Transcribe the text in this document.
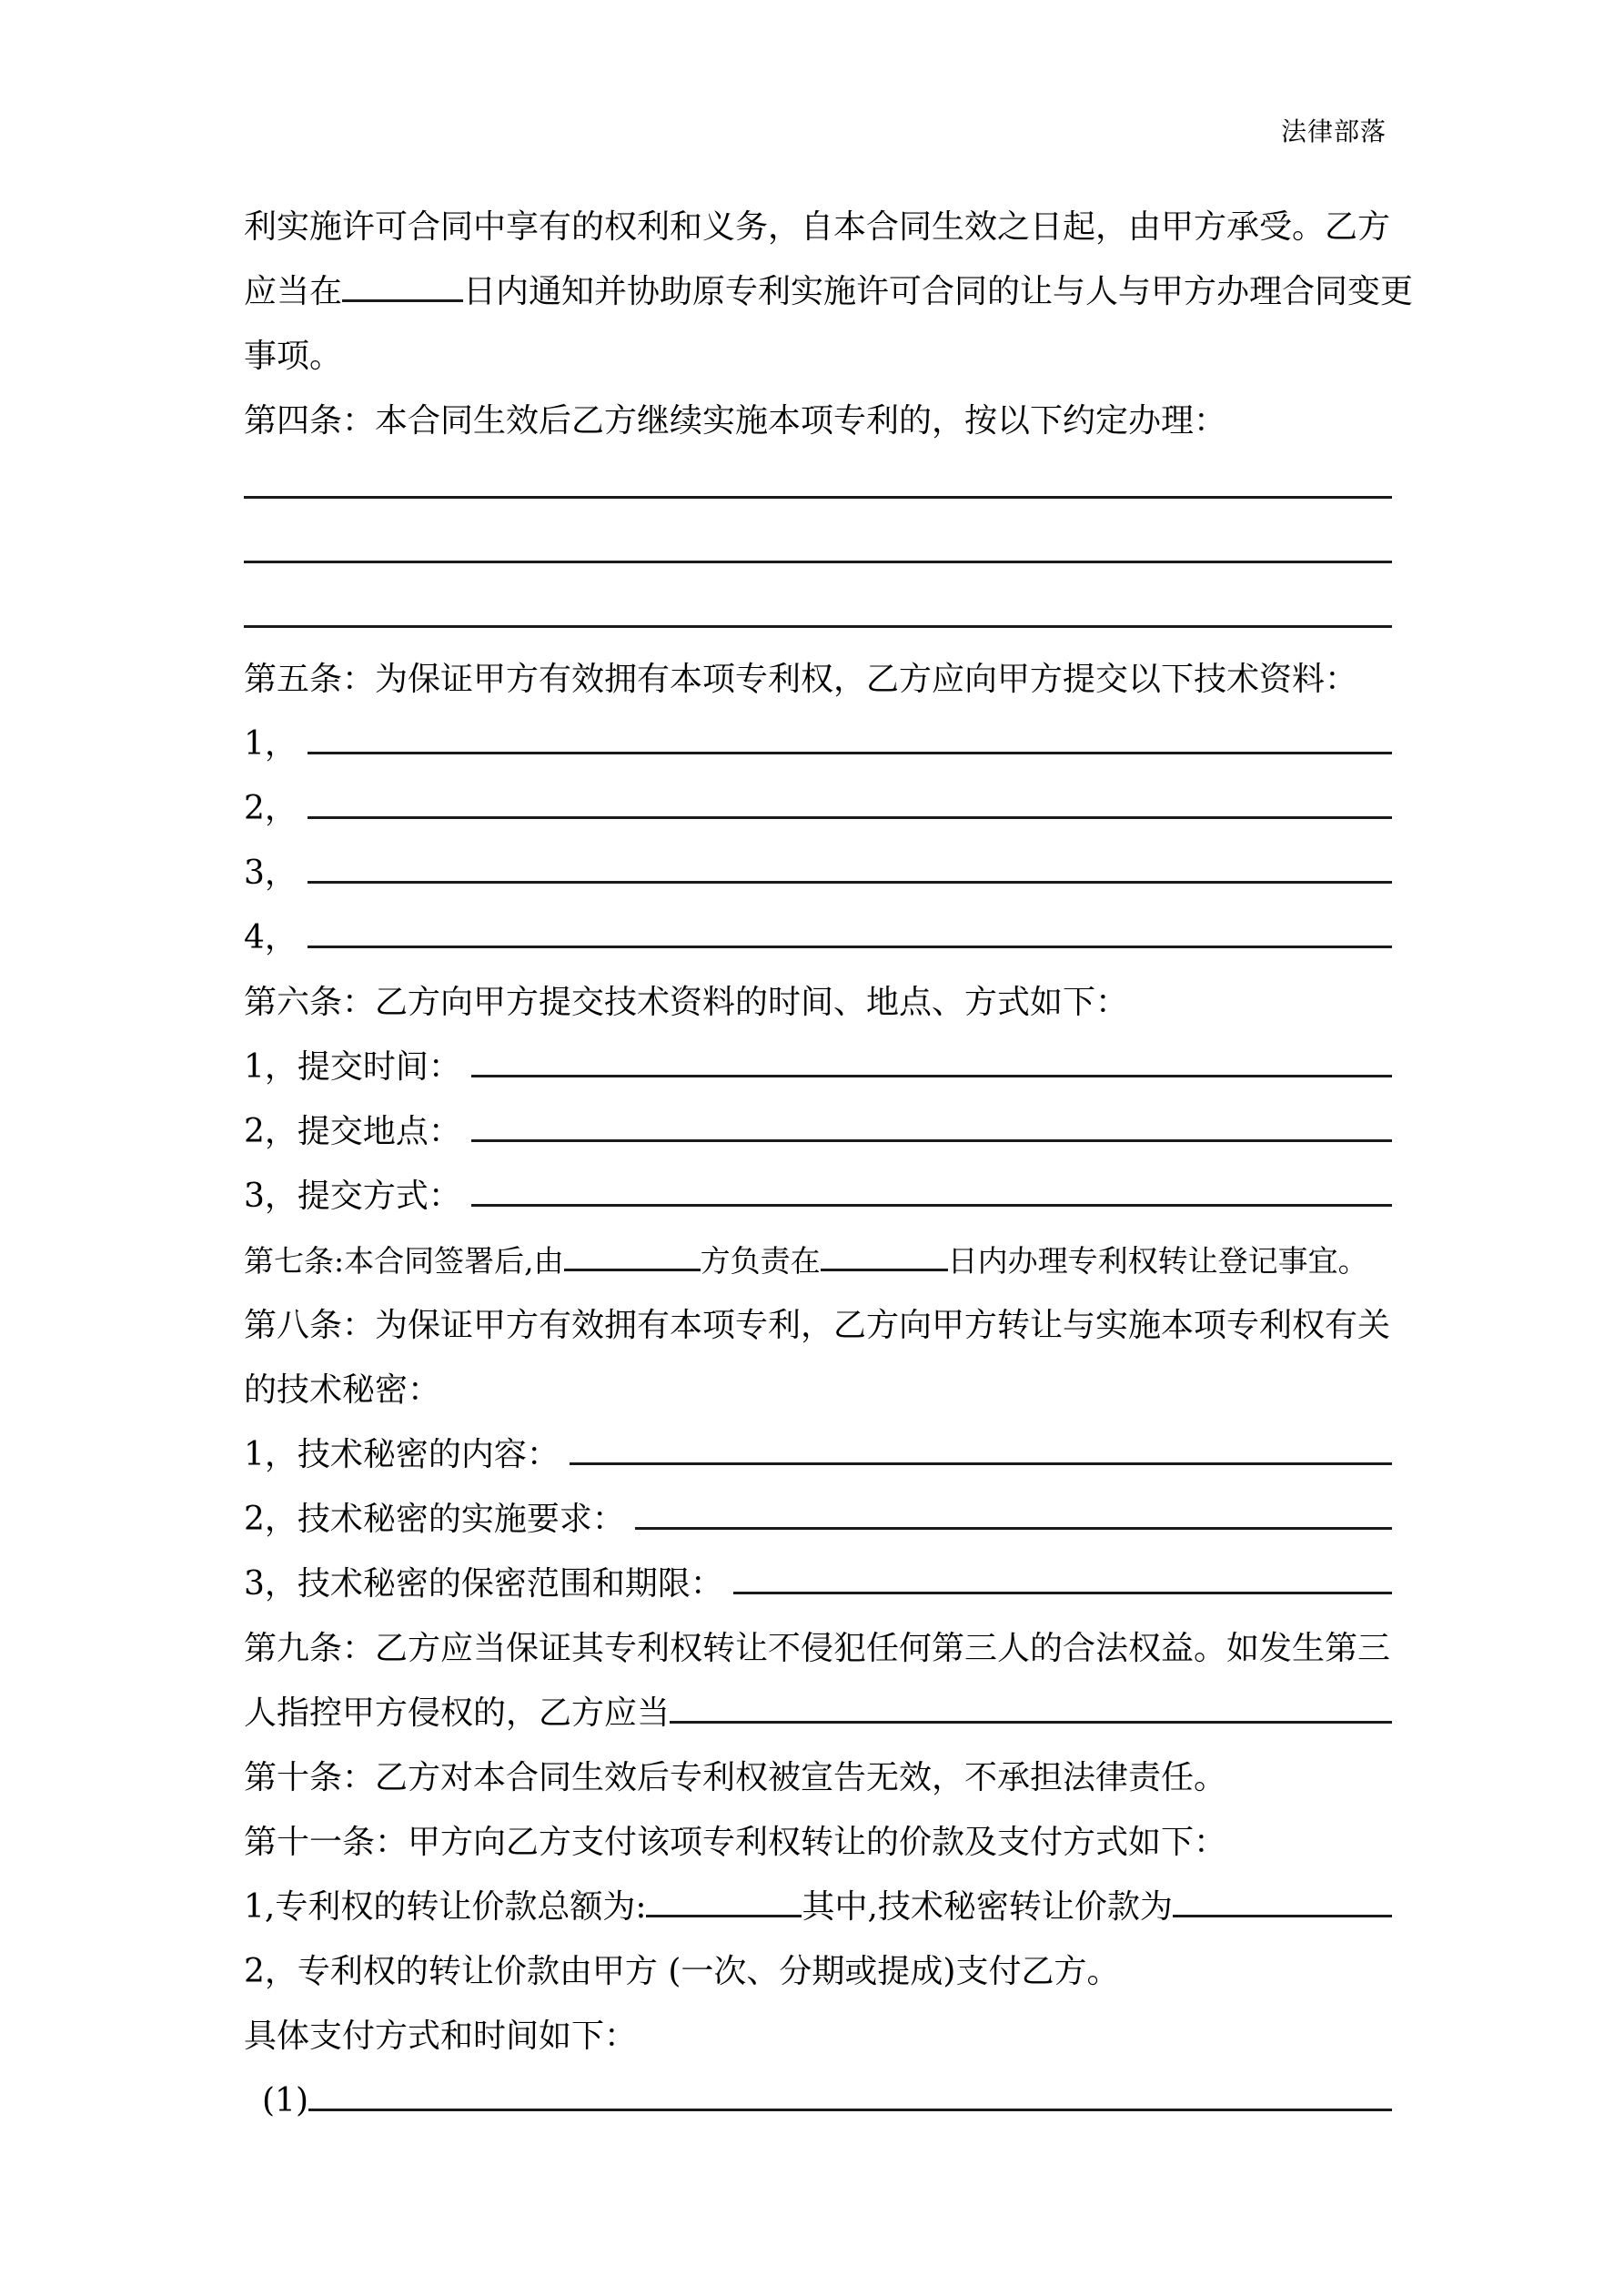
法律部落
利实施许可合同中享有的权利和义务，自本合同生效之日起，由甲方承受。乙方
应当在	日内通知并协助原专利实施许可合同的让与人与甲方办理合同变更
事项。
第四条：本合同生效后乙方继续实施本项专利的，按以下约定办理：
第五条：为保证甲方有效拥有本项专利权，乙方应向甲方提交以下技术资料：
1，
2，
3，
4，
第六条：乙方向甲方提交技术资料的时间、地点、方式如下：
1，提交时间：
2，提交地点：
3，提交方式：
第七条:本合同签署后,由	方负责在	日内办理专利权转让登记事宜。
第八条：为保证甲方有效拥有本项专利，乙方向甲方转让与实施本项专利权有关
的技术秘密：
1，技术秘密的内容：
2，技术秘密的实施要求：
3，技术秘密的保密范围和期限：
第九条：乙方应当保证其专利权转让不侵犯任何第三人的合法权益。如发生第三
人指控甲方侵权的，乙方应当
第十条：乙方对本合同生效后专利权被宣告无效，不承担法律责任。
第十一条：甲方向乙方支付该项专利权转让的价款及支付方式如下：
1,专利权的转让价款总额为:	其中,技术秘密转让价款为
2，专利权的转让价款由甲方 (一次、分期或提成)支付乙方。
具体支付方式和时间如下：
(1)
